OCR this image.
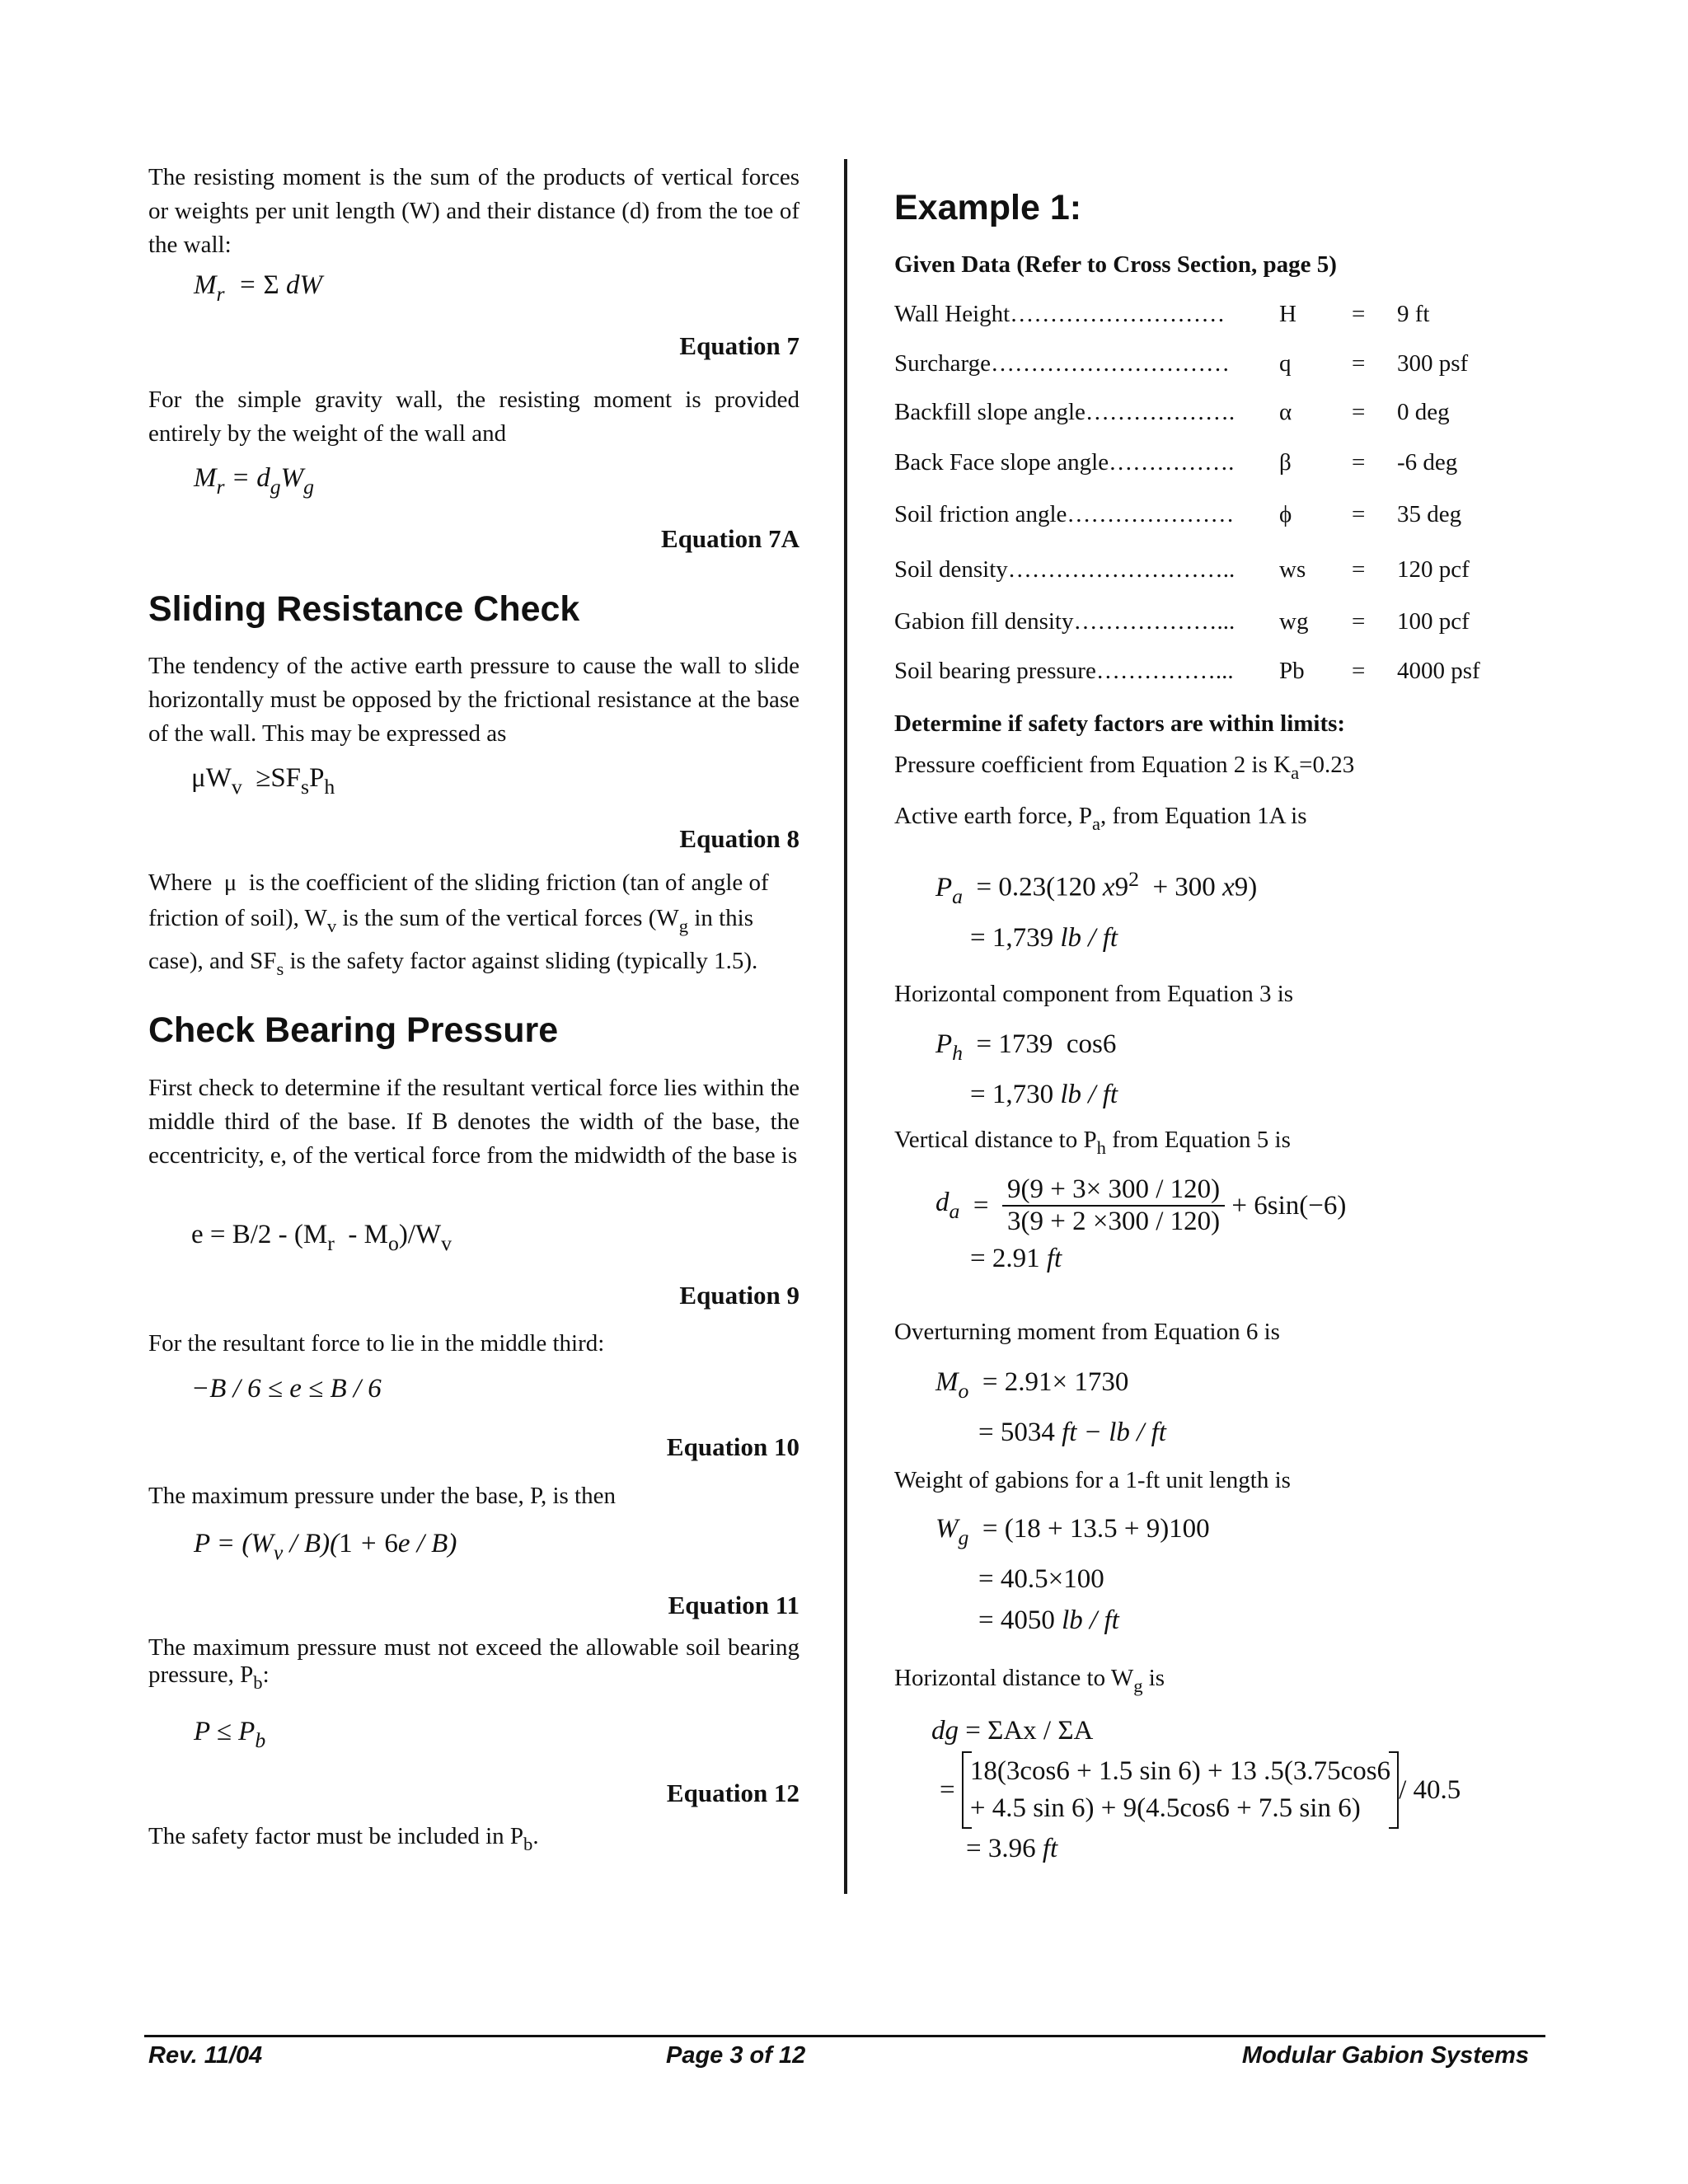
The resisting moment is the sum of the products of vertical forces or weights per unit length (W) and their distance (d) from the toe of the wall:

$M_r = \Sigma$ dW
Equation 7

For the simple gravity wall, the resisting moment is provided entirely by the weight of the wall and

$M_r = d_gW_g$
Equation 7A
Sliding Resistance Check

The tendency of the active earth pressure to cause the wall to slide horizontally must be opposed by the frictional resistance at the base of the wall. This may be expressed as

$\mu W_v \ge SF_sP_h$
Equation 8
Where  μ  is the coefficient of the sliding friction (tan of angle of
friction of soil), $W_v$ is the sum of the vertical forces ($W_g$ in this
case), and $SF_s$ is the safety factor against sliding (typically 1.5).
Check Bearing Pressure

First check to determine if the resultant vertical force lies within the middle third of the base. If B denotes the width of the base, the eccentricity, e, of the vertical force from the midwidth of the base is

$e = B/2 - (M_r - M_o)/W_v$
Equation 9

For the resultant force to lie in the middle third:

−B / 6 ≤ e ≤ B / 6
Equation 10

The maximum pressure under the base, P, is then

$P = (W_v / B)(1 + 6e / B)$
Equation 11
The maximum pressure must not exceed the allowable soil bearing pressure, $P_b$:
$P \le P_b$
Equation 12
The safety factor must be included in $P_b$.
Example 1:
Given Data (Refer to Cross Section, page 5)
Wall Height……………………… H = 9 ft
Surcharge………………………… q	= 300 psf
Backfill slope angle………………. α	= 0 deg
Back Face slope angle……………. β	= -6 deg
Soil friction angle………………… ϕ	= 35 deg
Soil density……………………….. ws = 120 pcf
Gabion fill density………………... wg = 100 pcf
Soil bearing pressure……………... Pb = 4000 psf
Determine if safety factors are within limits:
Pressure coefficient from Equation 2 is $K_a=0.23$
Active earth force, $P_a$, from Equation 1A is
$P_a = 0.23(120$ $x9^2 + 300$ x9)
= 1,739 lb / ft
Horizontal component from Equation 3 is
$P_h = 1739$  cos6
= 1,730 lb / ft
Vertical distance to $P_h$ from Equation 5 is
$d_a = \frac{9(9 + 3\times 300 / 120)}{3(9 + 2 \times 300 / 120)} + 6\sin(-6)$
= 2.91 ft
Overturning moment from Equation 6 is
$M_o = 2.91\times 1730$
= 5034 ft − lb / ft
Weight of gabions for a 1-ft unit length is
$W_g = (18 + 13.5 + 9)100$
= 40.5×100
= 4050 lb / ft
Horizontal distance to $W_g$ is
dg = ΣAx / ΣA
=
18(3cos6 + 1.5 sin 6) + 13 .5(3.75cos6
+ 4.5 sin 6) + 9(4.5cos6 + 7.5 sin 6)
/ 40.5
= 3.96 ft
Rev. 11/04	Page 3 of 12	Modular Gabion Systems
